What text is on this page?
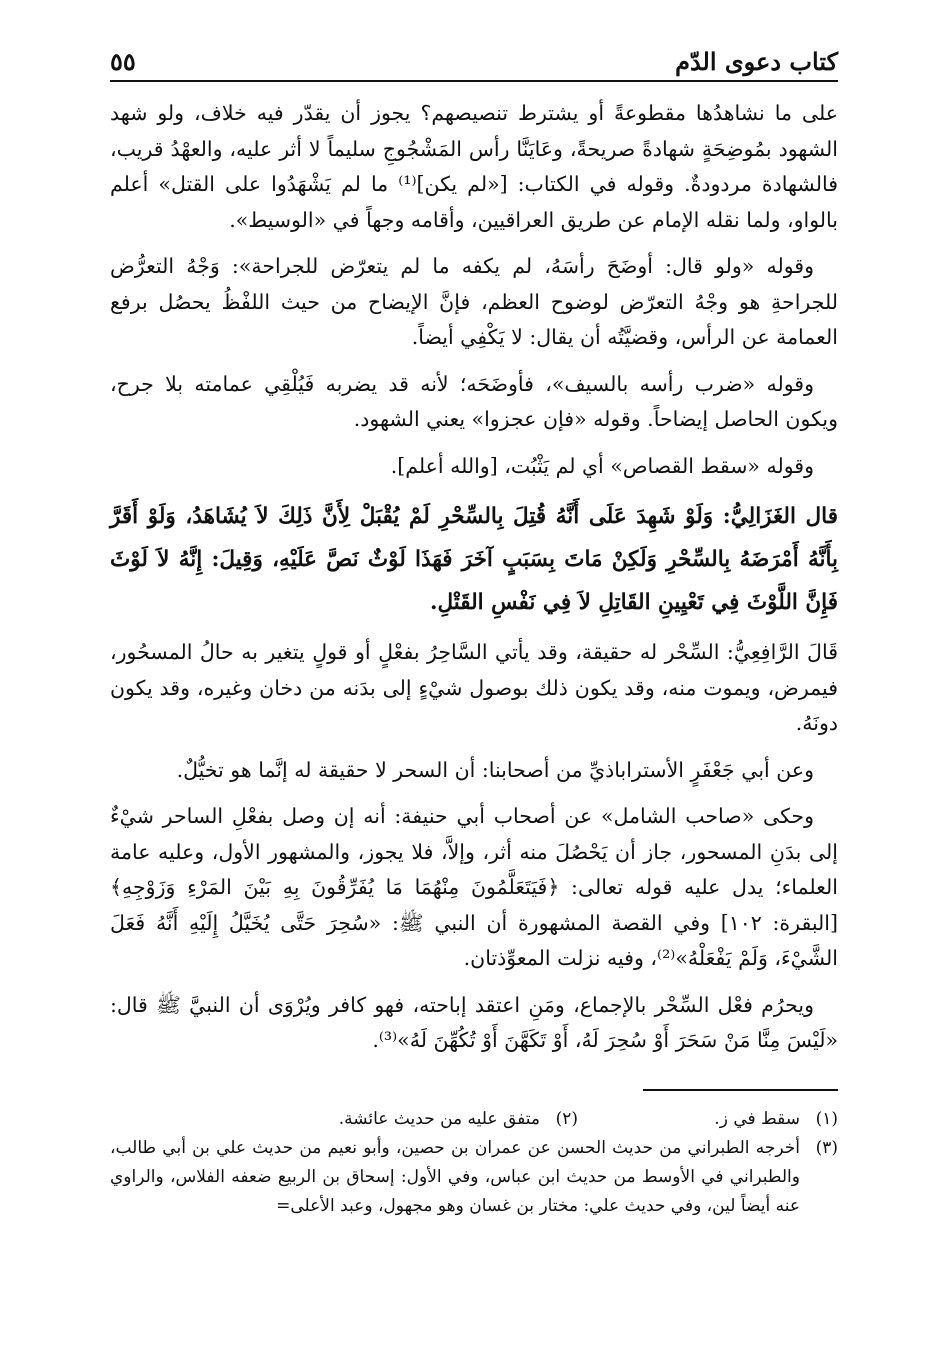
كتاب دعوى الدّم
٥٥

على ما نشاهدُها مقطوعةً أو يشترط تنصيصهم؟ يجوز أن يقدّر فيه خلاف، ولو شهد الشهود بمُوضِحَةٍ شهادةً صريحةً، وعَايَنَّا رأس المَشْجُوجِ سليماً لا أثر عليه، والعهْدُ قريب، فالشهادة مردودةٌ. وقوله في الكتاب: [«لم يكن]⁽¹⁾ ما لم يَشْهَدُوا على القتل» أعلم بالواو، ولما نقله الإمام عن طريق العراقيين، وأقامه وجهاً في «الوسيط».

وقوله «ولو قال: أوضَحَ رأسَهُ، لم يكفه ما لم يتعرّض للجراحة»: وَجْهُ التعرُّض للجراحةِ هو وجْهُ التعرّض لوضوح العظم، فإنَّ الإيضاح من حيث اللفْظُ يحصُل برفع العمامة عن الرأس، وقضيَّتُه أن يقال: لا يَكْفِي أيضاً.

وقوله «ضرب رأسه بالسيف»، فأوضَحَه؛ لأنه قد يضربه فَيُلْقِي عمامته بلا جرح، ويكون الحاصل إيضاحاً. وقوله «فإن عجزوا» يعني الشهود.

وقوله «سقط القصاص» أي لم يَثْبُت، [والله أعلم].

قال الغَزَالِيُّ: وَلَوْ شَهِدَ عَلَى أَنَّهُ قُتِلَ بِالسِّحْرِ لَمْ يُقْبَلْ لِأَنَّ ذَلِكَ لاَ يُشَاهَدُ، وَلَوْ أَقَرَّ بِأَنَّهُ أَمْرَضَهُ بِالسِّحْرِ وَلَكِنْ مَاتَ بِسَبَبٍ آخَرَ فَهَذَا لَوْثٌ نَصَّ عَلَيْهِ، وَقِيلَ: إِنَّهُ لاَ لَوْثَ فَإِنَّ اللَّوْثَ فِي تَعْيِينِ القَاتِلِ لاَ فِي نَفْسِ القَتْلِ.

قَالَ الرَّافِعِيُّ: السِّحْر له حقيقة، وقد يأتي السَّاحِرُ بفعْلٍ أو قولٍ يتغير به حالُ المسحُور، فيمرض، ويموت منه، وقد يكون ذلك بوصول شيْءٍ إلى بدَنه من دخان وغيره، وقد يكون دونَهُ.

وعن أبي جَعْفَرٍ الأستراباذيِّ من أصحابنا: أن السحر لا حقيقة له إنَّما هو تخيُّلٌ.

وحكى «صاحب الشامل» عن أصحاب أبي حنيفة: أنه إن وصل بفعْلِ الساحر شيْءٌ إلى بدَنِ المسحور، جاز أن يَحْصُلَ منه أثر، وإلاَّ، فلا يجوز، والمشهور الأول، وعليه عامة العلماء؛ يدل عليه قوله تعالى: ﴿فَيَتَعَلَّمُونَ مِنْهُمَا مَا يُفَرِّقُونَ بِهِ بَيْنَ المَرْءِ وَزَوْجِهِ﴾ [البقرة: ١٠٢] وفي القصة المشهورة أن النبي ﷺ: «سُحِرَ حَتَّى يُخَيَّلُ إِلَيْهِ أَنَّهُ فَعَلَ الشَّيْءَ، وَلَمْ يَفْعَلْهُ»⁽²⁾، وفيه نزلت المعوِّذتان.

ويحرُم فعْل السِّحْر بالإجماع، ومَنِ اعتقد إباحته، فهو كافر ويُرْوَى أن النبيَّ ﷺ قال: «لَيْسَ مِنَّا مَنْ سَحَرَ أَوْ سُحِرَ لَهُ، أَوْ تَكَهَّنَ أَوْ تُكُهِّنَ لَهُ»⁽³⁾.

(١)
سقط في ز.
(٢)
متفق عليه من حديث عائشة.
(٣)
أخرجه الطبراني من حديث الحسن عن عمران بن حصين، وأبو نعيم من حديث علي بن أبي طالب، والطبراني في الأوسط من حديث ابن عباس، وفي الأول: إسحاق بن الربيع ضعفه الفلاس، والراوي عنه أيضاً لين، وفي حديث علي: مختار بن غسان وهو مجهول، وعبد الأعلى=
